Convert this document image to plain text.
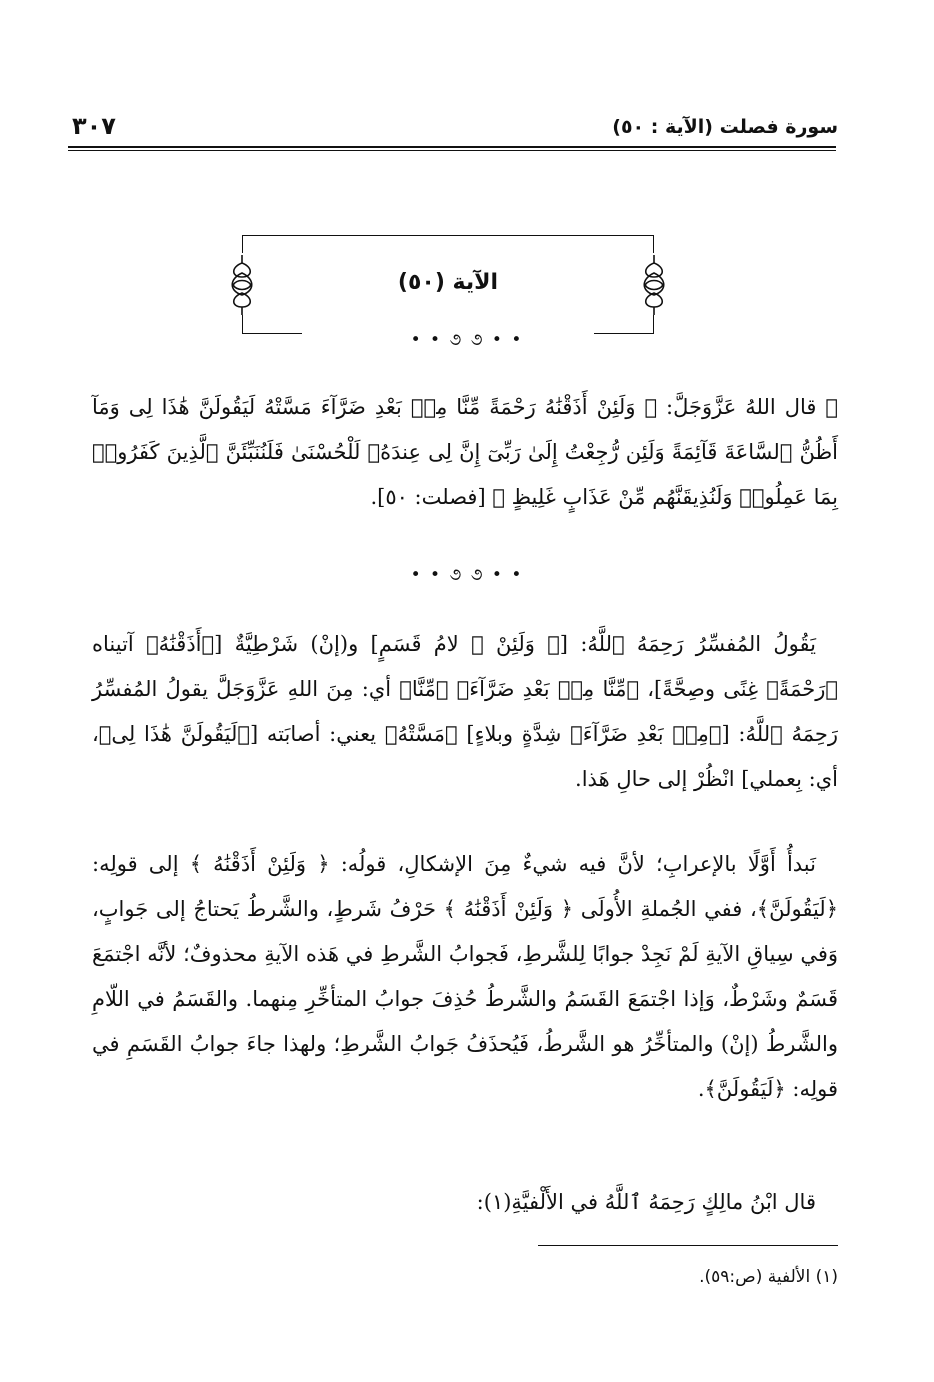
سورة فصلت (الآية : ٥٠)
٣٠٧
الآية (٥٠)
• • ૭ ૭ • •

۞ قال اللهُ عَزَّوَجَلَّ: ﴿ وَلَئِنْ أَذَقْنَٰهُ رَحْمَةً مِّنَّا مِنۢ بَعْدِ ضَرَّآءَ مَسَّتْهُ لَيَقُولَنَّ هَٰذَا لِى وَمَآ أَظُنُّ ٱلسَّاعَةَ قَآئِمَةً وَلَئِن رُّجِعْتُ إِلَىٰ رَبِّىٓ إِنَّ لِى عِندَهُۥ لَلْحُسْنَىٰ فَلَنُنَبِّئَنَّ ٱلَّذِينَ كَفَرُوا۟ بِمَا عَمِلُوا۟ وَلَنُذِيقَنَّهُم مِّنْ عَذَابٍ غَلِيظٍ ﴾ [فصلت: ٥٠].

• • ૭ ૭ • •

يَقُولُ المُفسِّرُ رَحِمَهُ ٱللَّهُ: [﴿ وَلَئِنْ ﴾ لامُ قَسَمٍ] و(إنْ) شَرْطِيَّةٌ [﴿أَذَقْنَٰهُ﴾ آتيناه ﴿رَحْمَةً﴾ غِنًى وصِحَّةً]، ﴿مِّنَّا مِنۢ بَعْدِ ضَرَّآءَ﴾ ﴿مِّنَّا﴾ أي: مِنَ اللهِ عَزَّوَجَلَّ يقولُ المُفسِّرُ رَحِمَهُ ٱللَّهُ: [﴿مِنۢ بَعْدِ ضَرَّآءَ﴾ شِدَّةٍ وبلاءٍ] ﴿مَسَّتْهُ﴾ يعني: أصابَته [﴿لَيَقُولَنَّ هَٰذَا لِى﴾، أي: بِعملي] انْظُرْ إلى حالِ هَذا.

نَبدأُ أَوَّلًا بالإعرابِ؛ لأنَّ فيه شيءٌ مِنَ الإشكالِ، قولُه: ﴿ وَلَئِنْ أَذَقْنَٰهُ ﴾ إلى قولِه: ﴿لَيَقُولَنَّ﴾، ففي الجُملةِ الأُولَى ﴿ وَلَئِنْ أَذَقْنَٰهُ ﴾ حَرْفُ شَرطٍ، والشَّرطُ يَحتاجُ إلى جَوابٍ، وَفي سِياقِ الآيةِ لَمْ نَجِدْ جوابًا لِلشَّرطِ، فَجوابُ الشَّرطِ في هَذه الآيةِ محذوفٌ؛ لأنَّه اجْتمَعَ قَسَمٌ وشَرْطٌ، وَإذا اجْتمَعَ القَسَمُ والشَّرطُ حُذِفَ جوابُ المتأخِّرِ مِنهما. والقَسَمُ في اللّامِ والشَّرطُ (إنْ) والمتأخِّرُ هو الشَّرطُ، فَيُحذَفُ جَوابُ الشَّرطِ؛ ولهذا جاءَ جوابُ القَسَمِ في قولِه: ﴿لَيَقُولَنَّ﴾.

قال ابْنُ مالِكٍ رَحِمَهُ ٱللَّهُ في الأَلْفيَّةِ(١):

(١) الألفية (ص:٥٩).
